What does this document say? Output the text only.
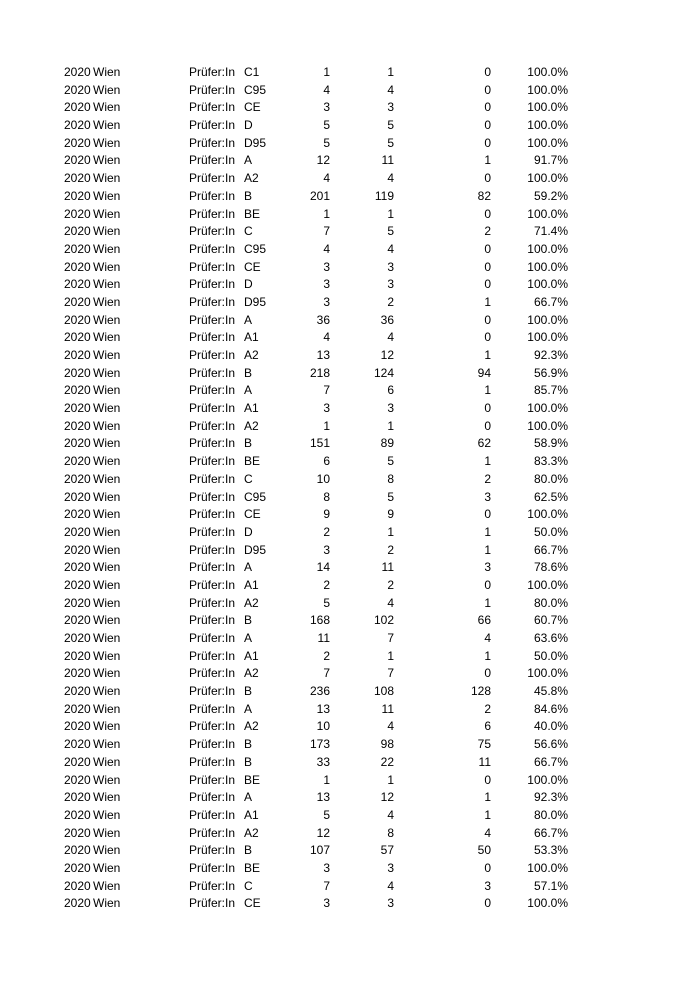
2020 Wien	Prüfer:In C1	1	1	0	100.0%
2020 Wien	Prüfer:In C95	4	4	0	100.0%
2020 Wien	Prüfer:In CE	3	3	0	100.0%
2020 Wien	Prüfer:In D	5	5	0	100.0%
2020 Wien	Prüfer:In D95	5	5	0	100.0%
2020 Wien	Prüfer:In A	12	11	1	91.7%
2020 Wien	Prüfer:In A2	4	4	0	100.0%
2020 Wien	Prüfer:In B	201	119	82	59.2%
2020 Wien	Prüfer:In BE	1	1	0	100.0%
2020 Wien	Prüfer:In C	7	5	2	71.4%
2020 Wien	Prüfer:In C95	4	4	0	100.0%
2020 Wien	Prüfer:In CE	3	3	0	100.0%
2020 Wien	Prüfer:In D	3	3	0	100.0%
2020 Wien	Prüfer:In D95	3	2	1	66.7%
2020 Wien	Prüfer:In A	36	36	0	100.0%
2020 Wien	Prüfer:In A1	4	4	0	100.0%
2020 Wien	Prüfer:In A2	13	12	1	92.3%
2020 Wien	Prüfer:In B	218	124	94	56.9%
2020 Wien	Prüfer:In A	7	6	1	85.7%
2020 Wien	Prüfer:In A1	3	3	0	100.0%
2020 Wien	Prüfer:In A2	1	1	0	100.0%
2020 Wien	Prüfer:In B	151	89	62	58.9%
2020 Wien	Prüfer:In BE	6	5	1	83.3%
2020 Wien	Prüfer:In C	10	8	2	80.0%
2020 Wien	Prüfer:In C95	8	5	3	62.5%
2020 Wien	Prüfer:In CE	9	9	0	100.0%
2020 Wien	Prüfer:In D	2	1	1	50.0%
2020 Wien	Prüfer:In D95	3	2	1	66.7%
2020 Wien	Prüfer:In A	14	11	3	78.6%
2020 Wien	Prüfer:In A1	2	2	0	100.0%
2020 Wien	Prüfer:In A2	5	4	1	80.0%
2020 Wien	Prüfer:In B	168	102	66	60.7%
2020 Wien	Prüfer:In A	11	7	4	63.6%
2020 Wien	Prüfer:In A1	2	1	1	50.0%
2020 Wien	Prüfer:In A2	7	7	0	100.0%
2020 Wien	Prüfer:In B	236	108	128	45.8%
2020 Wien	Prüfer:In A	13	11	2	84.6%
2020 Wien	Prüfer:In A2	10	4	6	40.0%
2020 Wien	Prüfer:In B	173	98	75	56.6%
2020 Wien	Prüfer:In B	33	22	11	66.7%
2020 Wien	Prüfer:In BE	1	1	0	100.0%
2020 Wien	Prüfer:In A	13	12	1	92.3%
2020 Wien	Prüfer:In A1	5	4	1	80.0%
2020 Wien	Prüfer:In A2	12	8	4	66.7%
2020 Wien	Prüfer:In B	107	57	50	53.3%
2020 Wien	Prüfer:In BE	3	3	0	100.0%
2020 Wien	Prüfer:In C	7	4	3	57.1%
2020 Wien	Prüfer:In CE	3	3	0	100.0%
